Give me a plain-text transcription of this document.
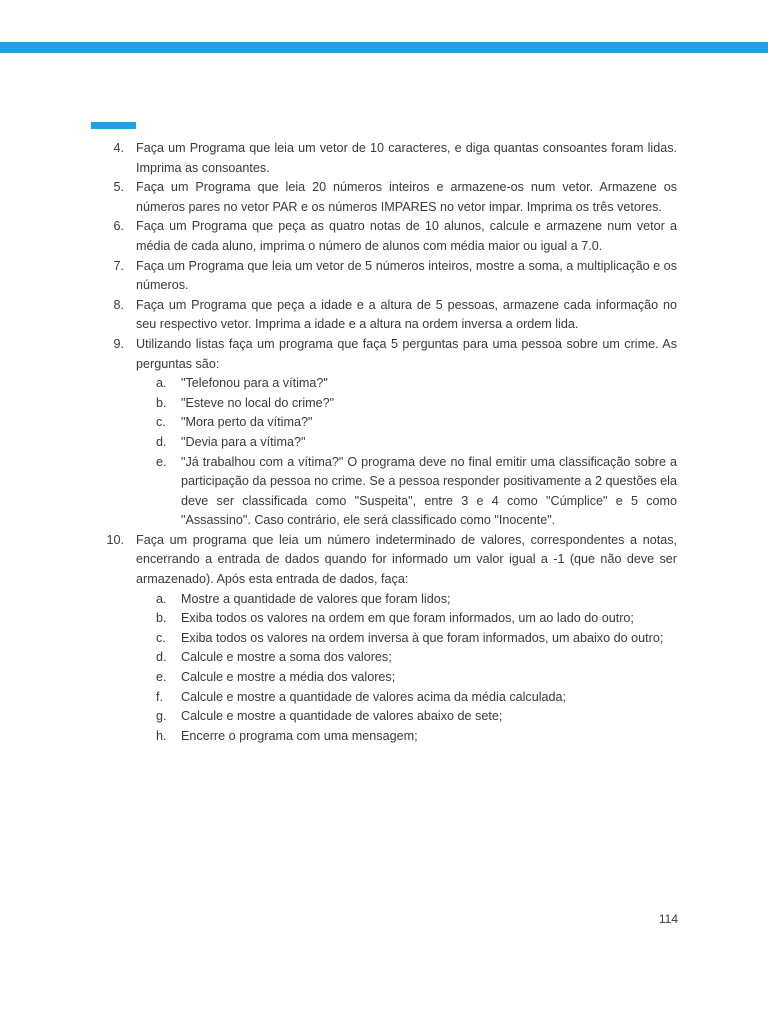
4. Faça um Programa que leia um vetor de 10 caracteres, e diga quantas consoantes foram lidas. Imprima as consoantes.
5. Faça um Programa que leia 20 números inteiros e armazene-os num vetor. Armazene os números pares no vetor PAR e os números IMPARES no vetor impar. Imprima os três vetores.
6. Faça um Programa que peça as quatro notas de 10 alunos, calcule e armazene num vetor a média de cada aluno, imprima o número de alunos com média maior ou igual a 7.0.
7. Faça um Programa que leia um vetor de 5 números inteiros, mostre a soma, a multiplicação e os números.
8. Faça um Programa que peça a idade e a altura de 5 pessoas, armazene cada informação no seu respectivo vetor. Imprima a idade e a altura na ordem inversa a ordem lida.
9. Utilizando listas faça um programa que faça 5 perguntas para uma pessoa sobre um crime. As perguntas são:
a. "Telefonou para a vítima?"
b. "Esteve no local do crime?"
c. "Mora perto da vítima?"
d. "Devia para a vítima?"
e. "Já trabalhou com a vítima?" O programa deve no final emitir uma classificação sobre a participação da pessoa no crime. Se a pessoa responder positivamente a 2 questões ela deve ser classificada como "Suspeita", entre 3 e 4 como "Cúmplice" e 5 como "Assassino". Caso contrário, ele será classificado como "Inocente".
10. Faça um programa que leia um número indeterminado de valores, correspondentes a notas, encerrando a entrada de dados quando for informado um valor igual a -1 (que não deve ser armazenado). Após esta entrada de dados, faça:
a. Mostre a quantidade de valores que foram lidos;
b. Exiba todos os valores na ordem em que foram informados, um ao lado do outro;
c. Exiba todos os valores na ordem inversa à que foram informados, um abaixo do outro;
d. Calcule e mostre a soma dos valores;
e. Calcule e mostre a média dos valores;
f. Calcule e mostre a quantidade de valores acima da média calculada;
g. Calcule e mostre a quantidade de valores abaixo de sete;
h. Encerre o programa com uma mensagem;
114
